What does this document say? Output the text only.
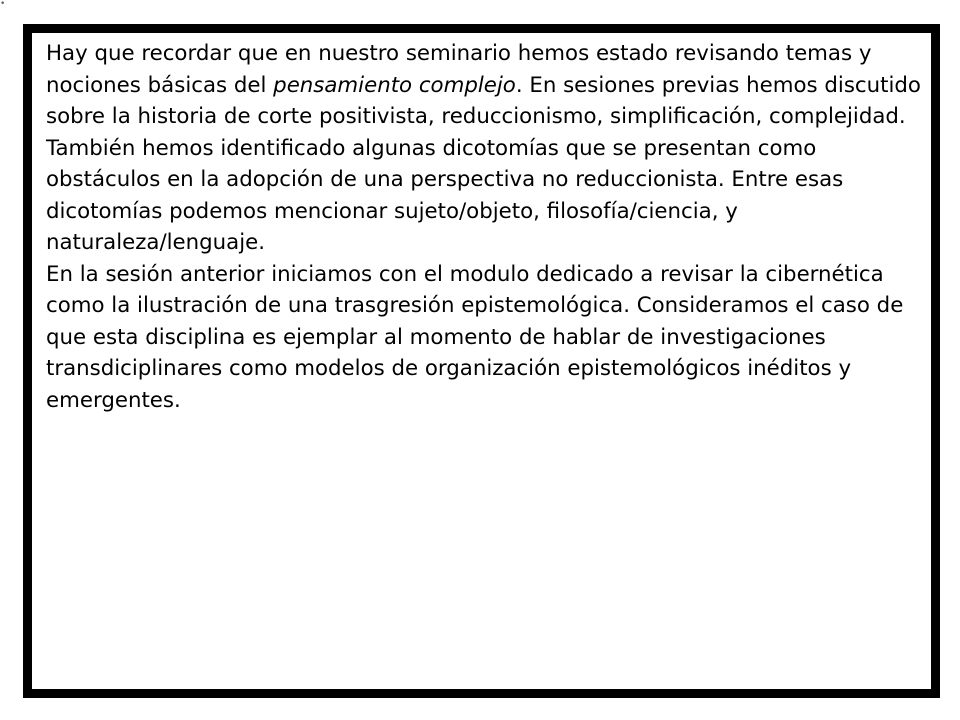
•

Hay que recordar que en nuestro seminario hemos estado revisando temas y nociones básicas del pensamiento complejo. En sesiones previas hemos discutido sobre la historia de corte positivista, reduccionismo, simplificación, complejidad. También hemos identificado algunas dicotomías que se presentan como obstáculos en la adopción de una perspectiva no reduccionista. Entre esas dicotomías podemos mencionar sujeto/objeto, filosofía/ciencia, y naturaleza/lenguaje.

En la sesión anterior iniciamos con el modulo dedicado a revisar la cibernética como la ilustración de una trasgresión epistemológica. Consideramos el caso de que esta disciplina es ejemplar al momento de hablar de investigaciones transdiciplinares como modelos de organización epistemológicos inéditos y emergentes.
